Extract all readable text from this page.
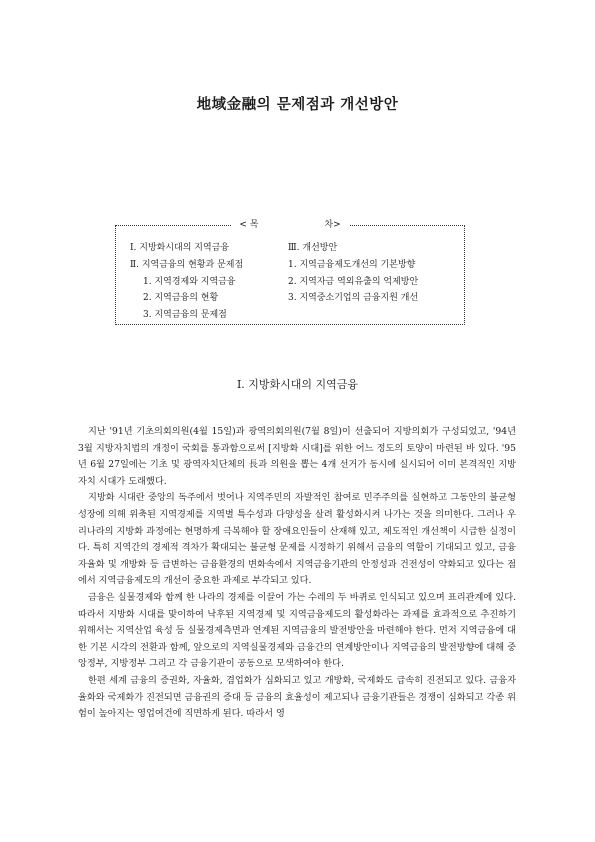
地域金融의 문제점과 개선방안
< 목	차>
Ⅰ. 지방화시대의 지역금융
Ⅱ. 지역금융의 현황과 문제점
1. 지역경제와 지역금융
2. 지역금융의 현황
3. 지역금융의 문제점
Ⅲ. 개선방안
1. 지역금융제도개선의 기본방향
2. 지역자금 역외유출의 억제방안
3. 지역중소기업의 금융지원 개선
Ⅰ. 지방화시대의 지역금융

지난 '91년 기초의회의원(4월 15일)과 광역의회의원(7월 8일)이 선출되어 지방의회가 구성되었고, '94년 3월 지방자치법의 개정이 국회를 통과함으로써 [지방화 시대]를 위한 어느 정도의 토양이 마련된 바 있다. '95년 6월 27일에는 기초 및 광역자치단체의 長과 의원을 뽑는 4개 선거가 동시에 실시되어 이미 본격적인 지방자치 시대가 도래했다.

지방화 시대란 중앙의 독주에서 벗어나 지역주민의 자발적인 참여로 민주주의를 실현하고 그동안의 불균형 성장에 의해 위축된 지역경제를 지역별 특수성과 다양성을 살려 활성화시켜 나가는 것을 의미한다. 그러나 우리나라의 지방화 과정에는 현명하게 극복해야 할 장애요인들이 산재해 있고, 제도적인 개선책이 시급한 실정이다. 특히 지역간의 경제적 격차가 확대되는 불균형 문제를 시정하기 위해서 금융의 역할이 기대되고 있고, 금융자율화 및 개방화 등 급변하는 금융환경의 변화속에서 지역금융기관의 안정성과 건전성이 약화되고 있다는 점에서 지역금융제도의 개선이 중요한 과제로 부각되고 있다.

금융은 실물경제와 함께 한 나라의 경제를 이끌어 가는 수레의 두 바퀴로 인식되고 있으며 표리관계에 있다. 따라서 지방화 시대를 맞이하여 낙후된 지역경제 및 지역금융제도의 활성화라는 과제를 효과적으로 추진하기 위해서는 지역산업 육성 등 실물경제측면과 연계된 지역금융의 발전방안을 마련해야 한다. 먼저 지역금융에 대한 기본 시각의 전환과 함께, 앞으로의 지역실물경제와 금융간의 연계방안이나 지역금융의 발전방향에 대해 중앙정부, 지방정부 그리고 각 금융기관이 공동으로 모색하여야 한다.

한편 세계 금융의 증권화, 자율화, 겸업화가 심화되고 있고 개방화, 국제화도 급속히 진전되고 있다. 금융자율화와 국제화가 진전되면 금융권의 증대 등 금융의 효율성이 제고되나 금융기관들은 경쟁이 심화되고 각종 위험이 높아지는 영업여건에 직면하게 된다. 따라서 영
